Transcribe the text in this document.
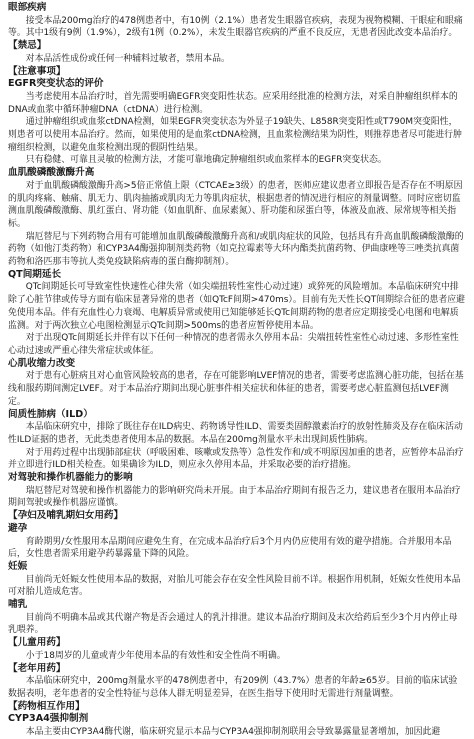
眼部疾病

接受本品200mg治疗的478例患者中，有10例（2.1%）患者发生眼器官疾病，表现为视物模糊、干眼症和眼痛等。其中1级有9例（1.9%），2级有1例（0.2%），未发生眼器官疾病的严重不良反应，无患者因此改变本品治疗。

【禁忌】

对本品活性成份或任何一种辅料过敏者，禁用本品。

【注意事项】

EGFR突变状态的评价

当考虑使用本品治疗时，首先需要明确EGFR突变阳性状态。应采用经批准的检测方法，对采自肿瘤组织样本的DNA或血浆中循环肿瘤DNA（ctDNA）进行检测。

通过肿瘤组织或血浆ctDNA检测，如果EGFR突变状态为外显子19缺失、L858R突变阳性或T790M突变阳性，则患者可以使用本品治疗。然而，如果使用的是血浆ctDNA检测，且血浆检测结果为阴性，则推荐患者尽可能进行肿瘤组织检测，以避免血浆检测出现的假阴性结果。

只有稳健、可靠且灵敏的检测方法，才能可靠地确定肿瘤组织或血浆样本的EGFR突变状态。

血肌酸磷酸激酶升高

对于血肌酸磷酸激酶升高>5倍正常值上限（CTCAE≥3级）的患者，医师应建议患者立即报告是否存在不明原因的肌肉疼痛、触痛、肌无力、肌肉抽搐或肌肉无力等肌肉症状，根据患者的情况进行相应的剂量调整。同时应密切监测血肌酸磷酸激酶、肌红蛋白、肾功能（如血肌酐、血尿素氮）、肝功能和尿蛋白等，体液及血液、尿常规等相关指标。

瑞厄替尼与下列药物合用有可能增加血肌酸磷酸激酶升高和/或肌肉症状的风险，包括具有升高血肌酸磷酸激酶的药物（如他汀类药物）和CYP3A4酶强抑制剂类药物（如克拉霉素等大环内酯类抗菌药物、伊曲康唑等三唑类抗真菌药物和洛匹那韦等抗人类免疫缺陷病毒的蛋白酶抑制剂）。

QT间期延长

QTc间期延长可导致室性快速性心律失常（如尖端扭转性室性心动过速）或猝死的风险增加。本品临床研究中排除了心脏节律或传导方面有临床显著异常的患者（如QTcF间期>470ms）。目前有先天性长QT间期综合征的患者应避免使用本品。伴有充血性心力衰竭、电解质异常或使用已知能够延长QTc间期药物的患者应定期接受心电图和电解质监测。对于两次独立心电图检测显示QTc间期>500ms的患者应暂停使用本品。

对于出现QTc间期延长并伴有以下任何一种情况的患者需永久停用本品：尖端扭转性室性心动过速、多形性室性心动过速或严重心律失常症状或体征。

心肌收缩力改变

对于患有心脏病且对心血管风险较高的患者，存在可能影响LVEF情况的患者，需要考虑监测心脏功能，包括在基线和服药期间测定LVEF。对于本品治疗期间出现心脏事件相关症状和体征的患者，需要考虑心脏监测包括LVEF测定。

间质性肺病（ILD）

本品临床研究中，排除了既往存在ILD病史、药物诱导性ILD、需要类固醇激素治疗的放射性肺炎及存在临床活动性ILD证据的患者，无此类患者使用本品的数据。本品在200mg剂量水平未出现间质性肺病。

对于用药过程中出现肺部症状（呼吸困难、咳嗽或发热等）急性发作和/或不明原因加重的患者，应暂停本品治疗并立即进行ILD相关检查。如果确诊为ILD，则应永久停用本品，并采取必要的治疗措施。

对驾驶和操作机器能力的影响

瑞厄替尼对驾驶和操作机器能力的影响研究尚未开展。由于本品治疗期间有报告乏力，建议患者在服用本品治疗期间驾驶或操作机器应谨慎。

【孕妇及哺乳期妇女用药】

避孕

育龄期男/女性服用本品期间应避免生育，在完成本品治疗后3个月内仍应使用有效的避孕措施。合并服用本品后，女性患者需采用避孕药暴露量下降的风险。

妊娠

目前尚无妊娠女性使用本品的数据，对胎儿可能会存在安全性风险目前不详。根据作用机制，妊娠女性使用本品可对胎儿造成危害。

哺乳

目前尚不明确本品或其代谢产物是否会通过人的乳汁排泄。建议本品治疗期间及末次给药后至少3个月内停止母乳喂养。

【儿童用药】

小于18周岁的儿童或青少年使用本品的有效性和安全性尚不明确。

【老年用药】

本品临床研究中，200mg剂量水平的478例患者中，有209例（43.7%）患者的年龄≥65岁。目前的临床试验数据表明，老年患者的安全性特征与总体人群无明显差异，在医生指导下使用时无需进行剂量调整。

【药物相互作用】

CYP3A4强抑制剂

本品主要由CYP3A4酶代谢，临床研究显示本品与CYP3A4强抑制剂联用会导致暴露量显著增加，加因此避
